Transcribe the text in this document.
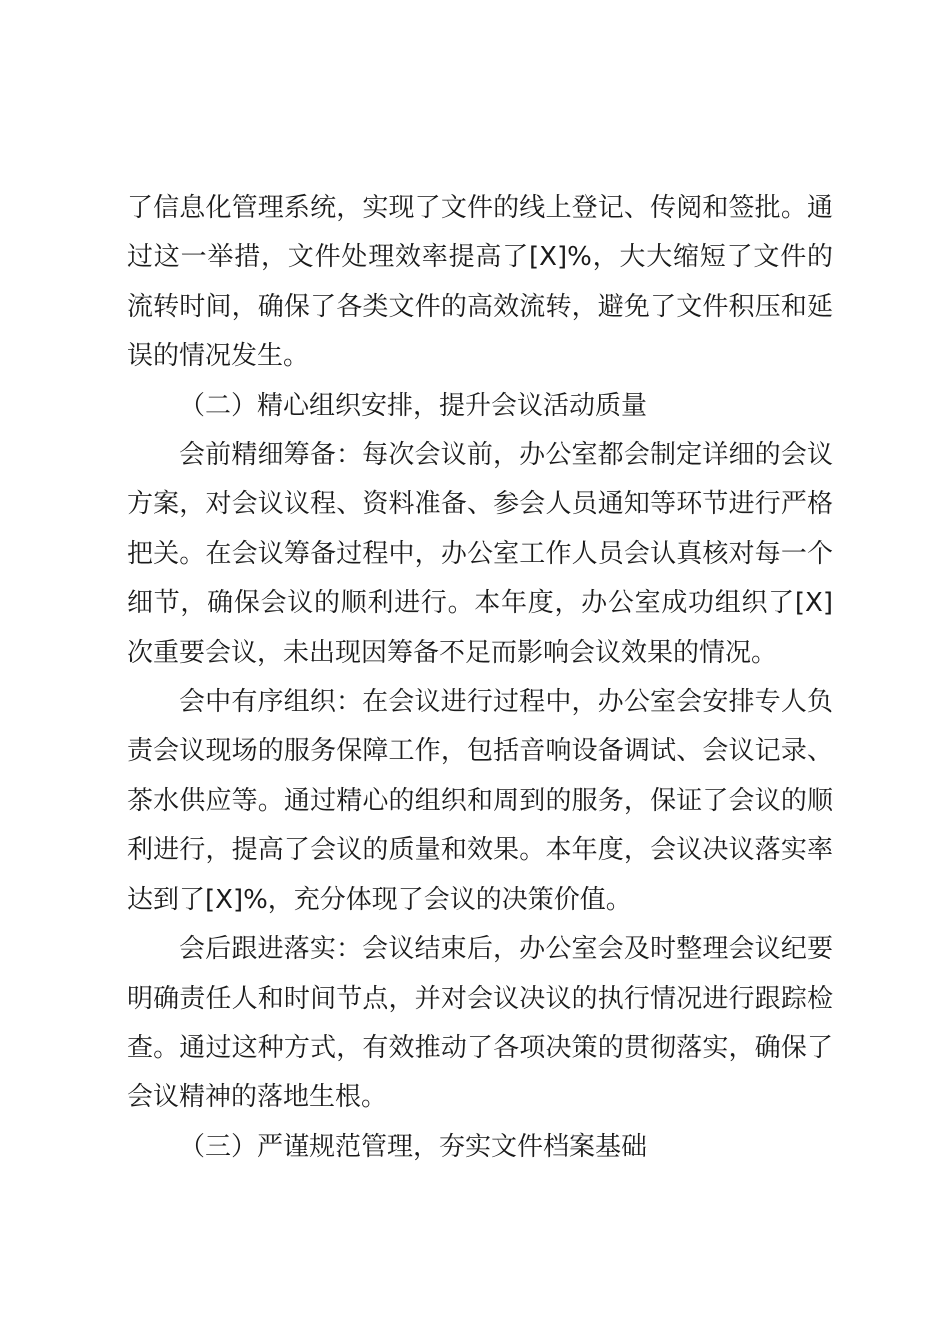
了信息化管理系统，实现了文件的线上登记、传阅和签批。通过这一举措，文件处理效率提高了[X]%，大大缩短了文件的流转时间，确保了各类文件的高效流转，避免了文件积压和延误的情况发生。

（二）精心组织安排，提升会议活动质量

会前精细筹备：每次会议前，办公室都会制定详细的会议方案，对会议议程、资料准备、参会人员通知等环节进行严格把关。在会议筹备过程中，办公室工作人员会认真核对每一个细节，确保会议的顺利进行。本年度，办公室成功组织了[X]次重要会议，未出现因筹备不足而影响会议效果的情况。

会中有序组织：在会议进行过程中，办公室会安排专人负责会议现场的服务保障工作，包括音响设备调试、会议记录、茶水供应等。通过精心的组织和周到的服务，保证了会议的顺利进行，提高了会议的质量和效果。本年度，会议决议落实率达到了[X]%，充分体现了会议的决策价值。

会后跟进落实：会议结束后，办公室会及时整理会议纪要明确责任人和时间节点，并对会议决议的执行情况进行跟踪检查。通过这种方式，有效推动了各项决策的贯彻落实，确保了会议精神的落地生根。

（三）严谨规范管理，夯实文件档案基础
